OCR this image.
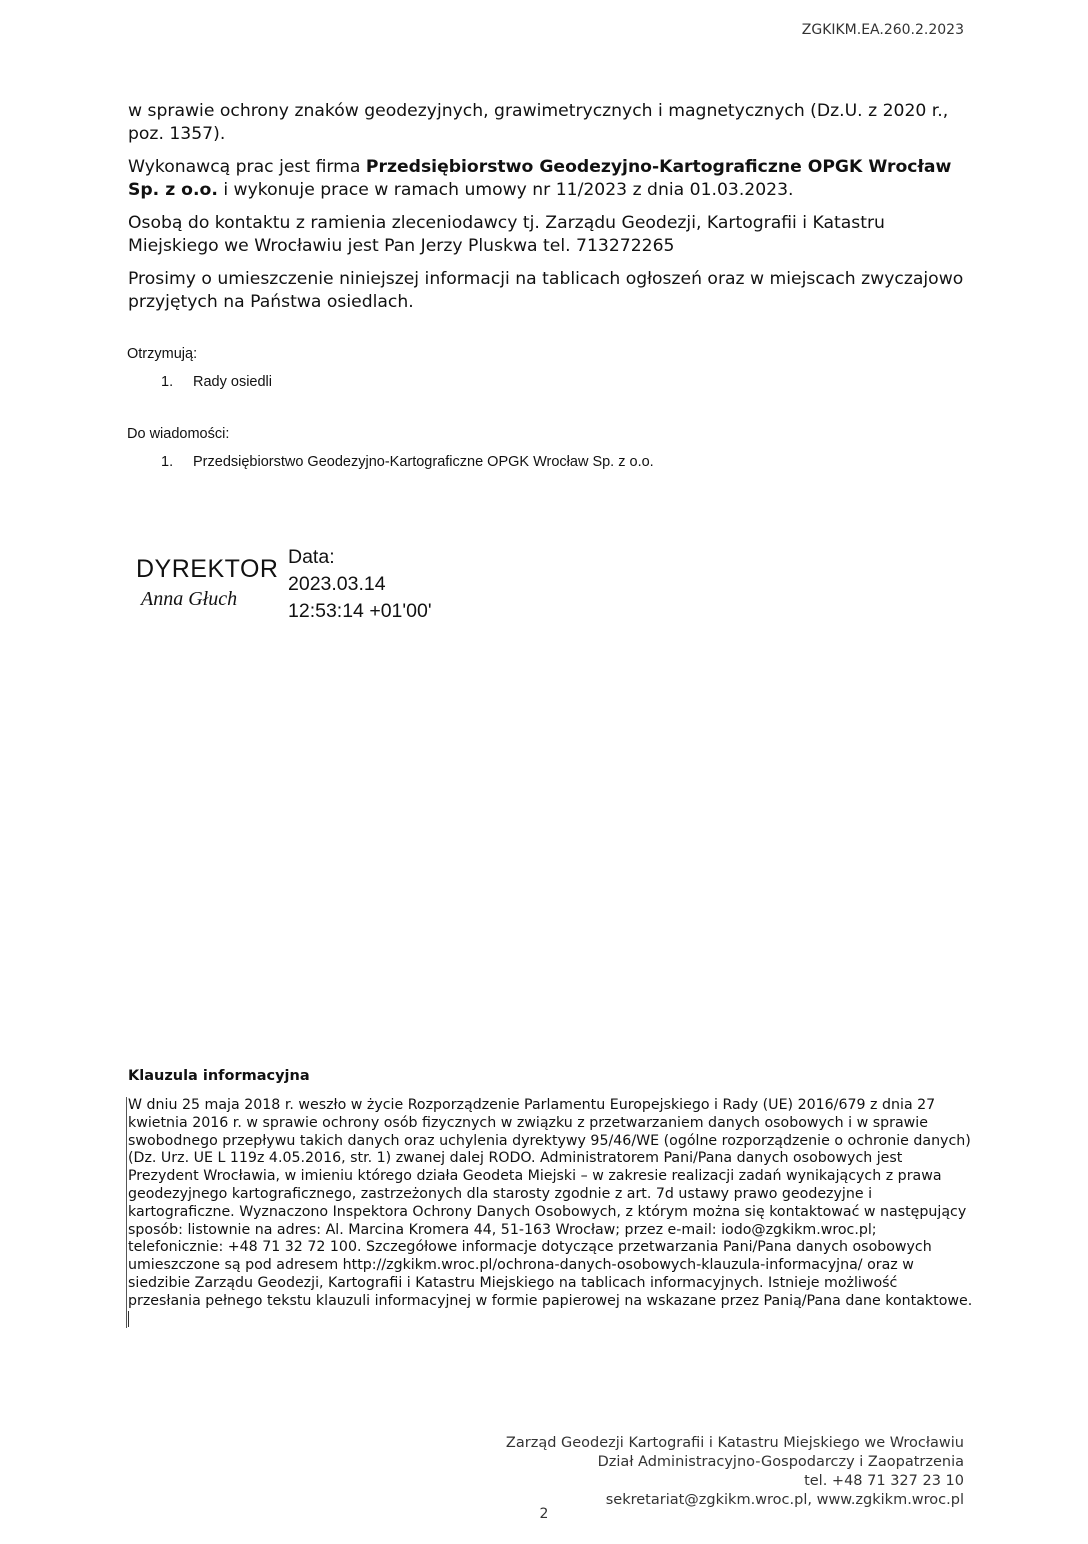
ZGKIKM.EA.260.2.2023

w sprawie ochrony znaków geodezyjnych, grawimetrycznych i magnetycznych (Dz.U. z 2020 r., poz. 1357).

Wykonawcą prac jest firma Przedsiębiorstwo Geodezyjno-Kartograficzne OPGK Wrocław Sp. z o.o. i wykonuje prace w ramach umowy nr 11/2023 z dnia 01.03.2023.

Osobą do kontaktu z ramienia zleceniodawcy tj. Zarządu Geodezji, Kartografii i Katastru Miejskiego we Wrocławiu jest Pan Jerzy Pluskwa tel. 713272265

Prosimy o umieszczenie niniejszej informacji na tablicach ogłoszeń oraz w miejscach zwyczajowo przyjętych na Państwa osiedlach.

Otrzymują:
1. Rady osiedli
Do wiadomości:
1. Przedsiębiorstwo Geodezyjno-Kartograficzne OPGK Wrocław Sp. z o.o.
DYREKTOR
Anna Głuch
Data:
2023.03.14
12:53:14 +01'00'
Klauzula informacyjna
W dniu 25 maja 2018 r. weszło w życie Rozporządzenie Parlamentu Europejskiego i Rady (UE) 2016/679 z dnia 27 kwietnia 2016 r. w sprawie ochrony osób fizycznych w związku z przetwarzaniem danych osobowych i w sprawie swobodnego przepływu takich danych oraz uchylenia dyrektywy 95/46/WE (ogólne rozporządzenie o ochronie danych) (Dz. Urz. UE L 119z 4.05.2016, str. 1) zwanej dalej RODO. Administratorem Pani/Pana danych osobowych jest Prezydent Wrocławia, w imieniu którego działa Geodeta Miejski – w zakresie realizacji zadań wynikających z prawa geodezyjnego kartograficznego, zastrzeżonych dla starosty zgodnie z art. 7d ustawy prawo geodezyjne i kartograficzne. Wyznaczono Inspektora Ochrony Danych Osobowych, z którym można się kontaktować w następujący sposób: listownie na adres: Al. Marcina Kromera 44, 51-163 Wrocław; przez e-mail: iodo@zgkikm.wroc.pl; telefonicznie: +48 71 32 72 100. Szczegółowe informacje dotyczące przetwarzania Pani/Pana danych osobowych umieszczone są pod adresem http://zgkikm.wroc.pl/ochrona-danych-osobowych-klauzula-informacyjna/ oraz w siedzibie Zarządu Geodezji, Kartografii i Katastru Miejskiego na tablicach informacyjnych. Istnieje możliwość przesłania pełnego tekstu klauzuli informacyjnej w formie papierowej na wskazane przez Panią/Pana dane kontaktowe.
Zarząd Geodezji Kartografii i Katastru Miejskiego we Wrocławiu
Dział Administracyjno-Gospodarczy i Zaopatrzenia
tel. +48 71 327 23 10
sekretariat@zgkikm.wroc.pl, www.zgkikm.wroc.pl
2
